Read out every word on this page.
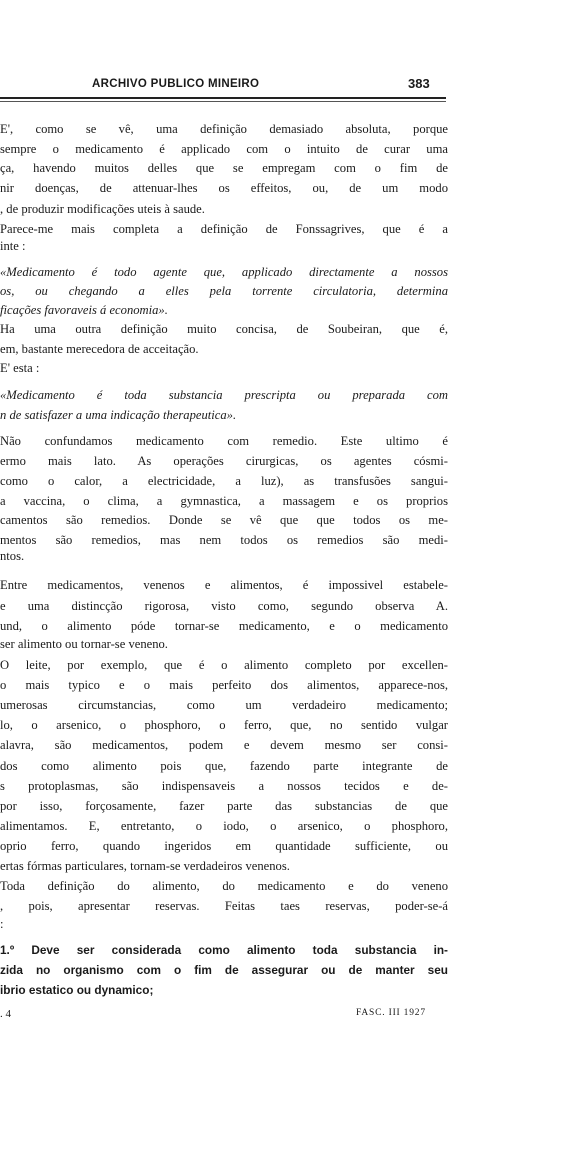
ARCHIVO PUBLICO MINEIRO	383
E', como se vê, uma definição demasiado absoluta, porque
sempre o medicamento é applicado com o intuito de curar uma
ça, havendo muitos delles que se empregam com o fim de
nir doenças, de attenuar-lhes os effeitos, ou, de um modo
, de produzir modificações uteis à saude.
Parece-me mais completa a definição de Fonssagrives, que é a
inte :
«Medicamento é todo agente que, applicado directamente a nossos
os, ou chegando a elles pela torrente circulatoria, determina
ficações favoraveis á economia».
Ha uma outra definição muito concisa, de Soubeiran, que é,
em, bastante merecedora de acceitação.
E' esta :
«Medicamento é toda substancia prescripta ou preparada com
n de satisfazer a uma indicação therapeutica».
Não confundamos medicamento com remedio. Este ultimo é
ermo mais lato. As operações cirurgicas, os agentes cósmi-
como o calor, a electricidade, a luz), as transfusões sangui-
a vaccina, o clima, a gymnastica, a massagem e os proprios
camentos são remedios. Donde se vê que que todos os me-
mentos são remedios, mas nem todos os remedios são medi-
ntos.
Entre medicamentos, venenos e alimentos, é impossivel estabele-
e uma distincção rigorosa, visto como, segundo observa A.
und, o alimento póde tornar-se medicamento, e o medicamento
ser alimento ou tornar-se veneno.
O leite, por exemplo, que é o alimento completo por excellen-
o mais typico e o mais perfeito dos alimentos, apparece-nos,
umerosas circumstancias, como um verdadeiro medicamento;
lo, o arsenico, o phosphoro, o ferro, que, no sentido vulgar
alavra, são medicamentos, podem e devem mesmo ser consi-
dos como alimento pois que, fazendo parte integrante de
s protoplasmas, são indispensaveis a nossos tecidos e de-
por isso, forçosamente, fazer parte das substancias de que
alimentamos. E, entretanto, o iodo, o arsenico, o phosphoro,
oprio ferro, quando ingeridos em quantidade sufficiente, ou
ertas fórmas particulares, tornam-se verdadeiros venenos.
Toda definição do alimento, do medicamento e do veneno
, pois, apresentar reservas. Feitas taes reservas, poder-se-á
:
1.º Deve ser considerada como alimento toda substancia in-
zida no organismo com o fim de assegurar ou de manter seu
ibrio estatico ou dynamico;
. 4	FASC. III 1927
